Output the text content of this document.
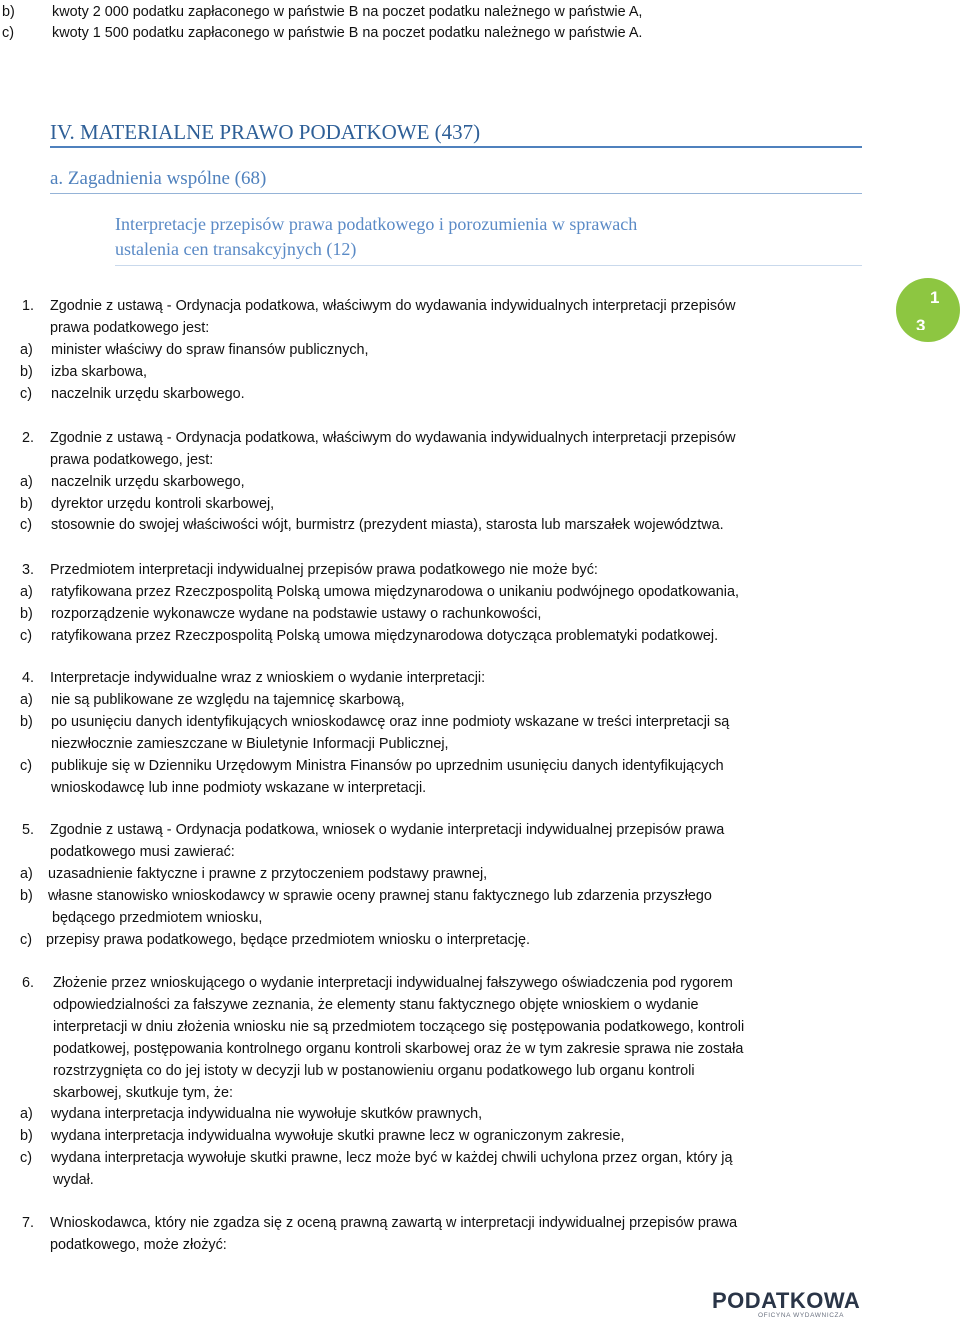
b)	kwoty 2 000 podatku zapłaconego w państwie B na poczet podatku należnego w państwie A,
c)	kwoty 1 500 podatku zapłaconego w państwie B na poczet podatku należnego w państwie A.
IV. MATERIALNE PRAWO PODATKOWE (437)
a. Zagadnienia wspólne (68)
Interpretacje przepisów prawa podatkowego i porozumienia w sprawach
ustalenia cen transakcyjnych (12)
1
3
1. Zgodnie z ustawą - Ordynacja podatkowa, właściwym do wydawania indywidualnych interpretacji przepisów
prawa podatkowego jest:
a) minister właściwy do spraw finansów publicznych,
b) izba skarbowa,
c) naczelnik urzędu skarbowego.
2. Zgodnie z ustawą - Ordynacja podatkowa, właściwym do wydawania indywidualnych interpretacji przepisów
prawa podatkowego, jest:
a) naczelnik urzędu skarbowego,
b) dyrektor urzędu kontroli skarbowej,
c) stosownie do swojej właściwości wójt, burmistrz (prezydent miasta), starosta lub marszałek województwa.
3. Przedmiotem interpretacji indywidualnej przepisów prawa podatkowego nie może być:
a) ratyfikowana przez Rzeczpospolitą Polską umowa międzynarodowa o unikaniu podwójnego opodatkowania,
b) rozporządzenie wykonawcze wydane na podstawie ustawy o rachunkowości,
c) ratyfikowana przez Rzeczpospolitą Polską umowa międzynarodowa dotycząca problematyki podatkowej.
4. Interpretacje indywidualne wraz z wnioskiem o wydanie interpretacji:
a) nie są publikowane ze względu na tajemnicę skarbową,
b) po usunięciu danych identyfikujących wnioskodawcę oraz inne podmioty wskazane w treści interpretacji są
niezwłocznie zamieszczane w Biuletynie Informacji Publicznej,
c) publikuje się w Dzienniku Urzędowym Ministra Finansów po uprzednim usunięciu danych identyfikujących
wnioskodawcę lub inne podmioty wskazane w interpretacji.
5. Zgodnie z ustawą - Ordynacja podatkowa, wniosek o wydanie interpretacji indywidualnej przepisów prawa
podatkowego musi zawierać:
a) uzasadnienie faktyczne i prawne z przytoczeniem podstawy prawnej,
b) własne stanowisko wnioskodawcy w sprawie oceny prawnej stanu faktycznego lub zdarzenia przyszłego
będącego przedmiotem wniosku,
c) przepisy prawa podatkowego, będące przedmiotem wniosku o interpretację.
6. Złożenie przez wnioskującego o wydanie interpretacji indywidualnej fałszywego oświadczenia pod rygorem
odpowiedzialności za fałszywe zeznania, że elementy stanu faktycznego objęte wnioskiem o wydanie
interpretacji w dniu złożenia wniosku nie są przedmiotem toczącego się postępowania podatkowego, kontroli
podatkowej, postępowania kontrolnego organu kontroli skarbowej oraz że w tym zakresie sprawa nie została
rozstrzygnięta co do jej istoty w decyzji lub w postanowieniu organu podatkowego lub organu kontroli
skarbowej, skutkuje tym, że:
a) wydana interpretacja indywidualna nie wywołuje skutków prawnych,
b) wydana interpretacja indywidualna wywołuje skutki prawne lecz w ograniczonym zakresie,
c) wydana interpretacja wywołuje skutki prawne, lecz może być w każdej chwili uchylona przez organ, który ją
wydał.
7. Wnioskodawca, który nie zgadza się z oceną prawną zawartą w interpretacji indywidualnej przepisów prawa
podatkowego, może złożyć:
PODATKOWA
OFICYNA WYDAWNICZA
